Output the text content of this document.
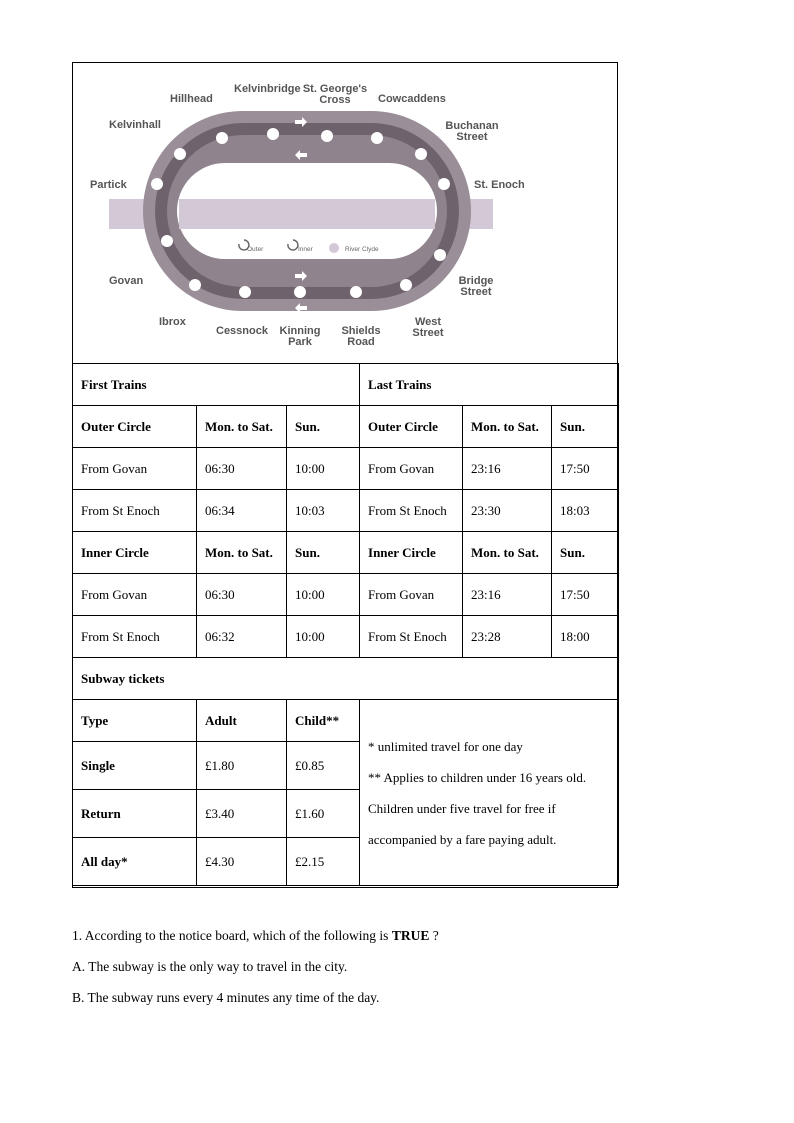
Outer	Inner	River Clyde
Hillhead
Kelvinbridge St. George's
Cross Cowcaddens
Kelvinhall	Buchanan
Street
Partick	St. Enoch
Govan	Bridge
Street
Ibrox
Cessnock Kinning
Park
Shields
Road
West
Street
First Trains			Last Trains		
Outer Circle	Mon. to Sat.	Sun.	Outer Circle	Mon. to Sat.	Sun.
From Govan	06:30	10:00	From Govan	23:16	17:50
From St Enoch	06:34	10:03	From St Enoch	23:30	18:03
Inner Circle	Mon. to Sat.	Sun.	Inner Circle	Mon. to Sat.	Sun.
From Govan	06:30	10:00	From Govan	23:16	17:50
From St Enoch	06:32	10:00	From St Enoch	23:28	18:00
Subway tickets					
Type	Adult	Child**	* unlimited travel for one day
** Applies to children under 16 years old.
Children under five travel for free if
accompanied by a fare paying adult.		

Single	£1.80	£0.85			
Return	£3.40	£1.60			
All day*	£4.30	£2.15			
1. According to the notice board, which of the following is TRUE ?
A. The subway is the only way to travel in the city.
B. The subway runs every 4 minutes any time of the day.
